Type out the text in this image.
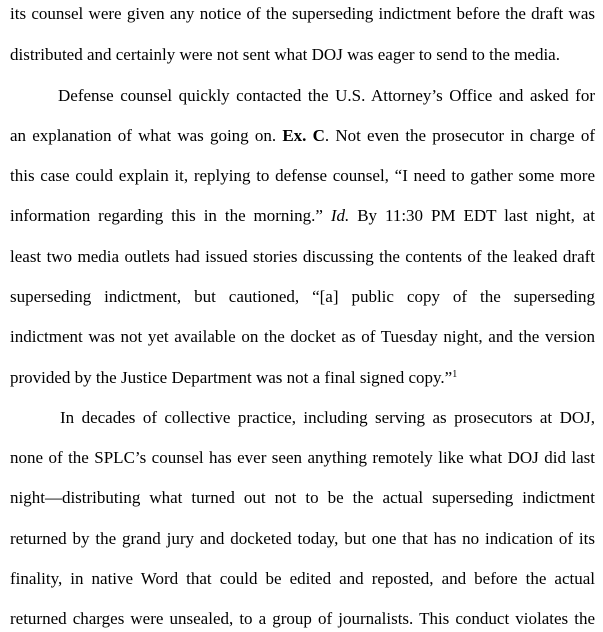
its counsel were given any notice of the superseding indictment before the draft was
distributed and certainly were not sent what DOJ was eager to send to the media.
Defense counsel quickly contacted the U.S. Attorney’s Office and asked for
an explanation of what was going on. Ex. C. Not even the prosecutor in charge of
this case could explain it, replying to defense counsel, “I need to gather some more
information regarding this in the morning.” Id. By 11:30 PM EDT last night, at
least two media outlets had issued stories discussing the contents of the leaked draft
superseding indictment, but cautioned, “[a] public copy of the superseding
indictment was not yet available on the docket as of Tuesday night, and the version
provided by the Justice Department was not a final signed copy.”$^1$
In decades of collective practice, including serving as prosecutors at DOJ,
none of the SPLC’s counsel has ever seen anything remotely like what DOJ did last
night—distributing what turned out not to be the actual superseding indictment
returned by the grand jury and docketed today, but one that has no indication of its
finality, in native Word that could be edited and reposted, and before the actual
returned charges were unsealed, to a group of journalists. This conduct violates the
